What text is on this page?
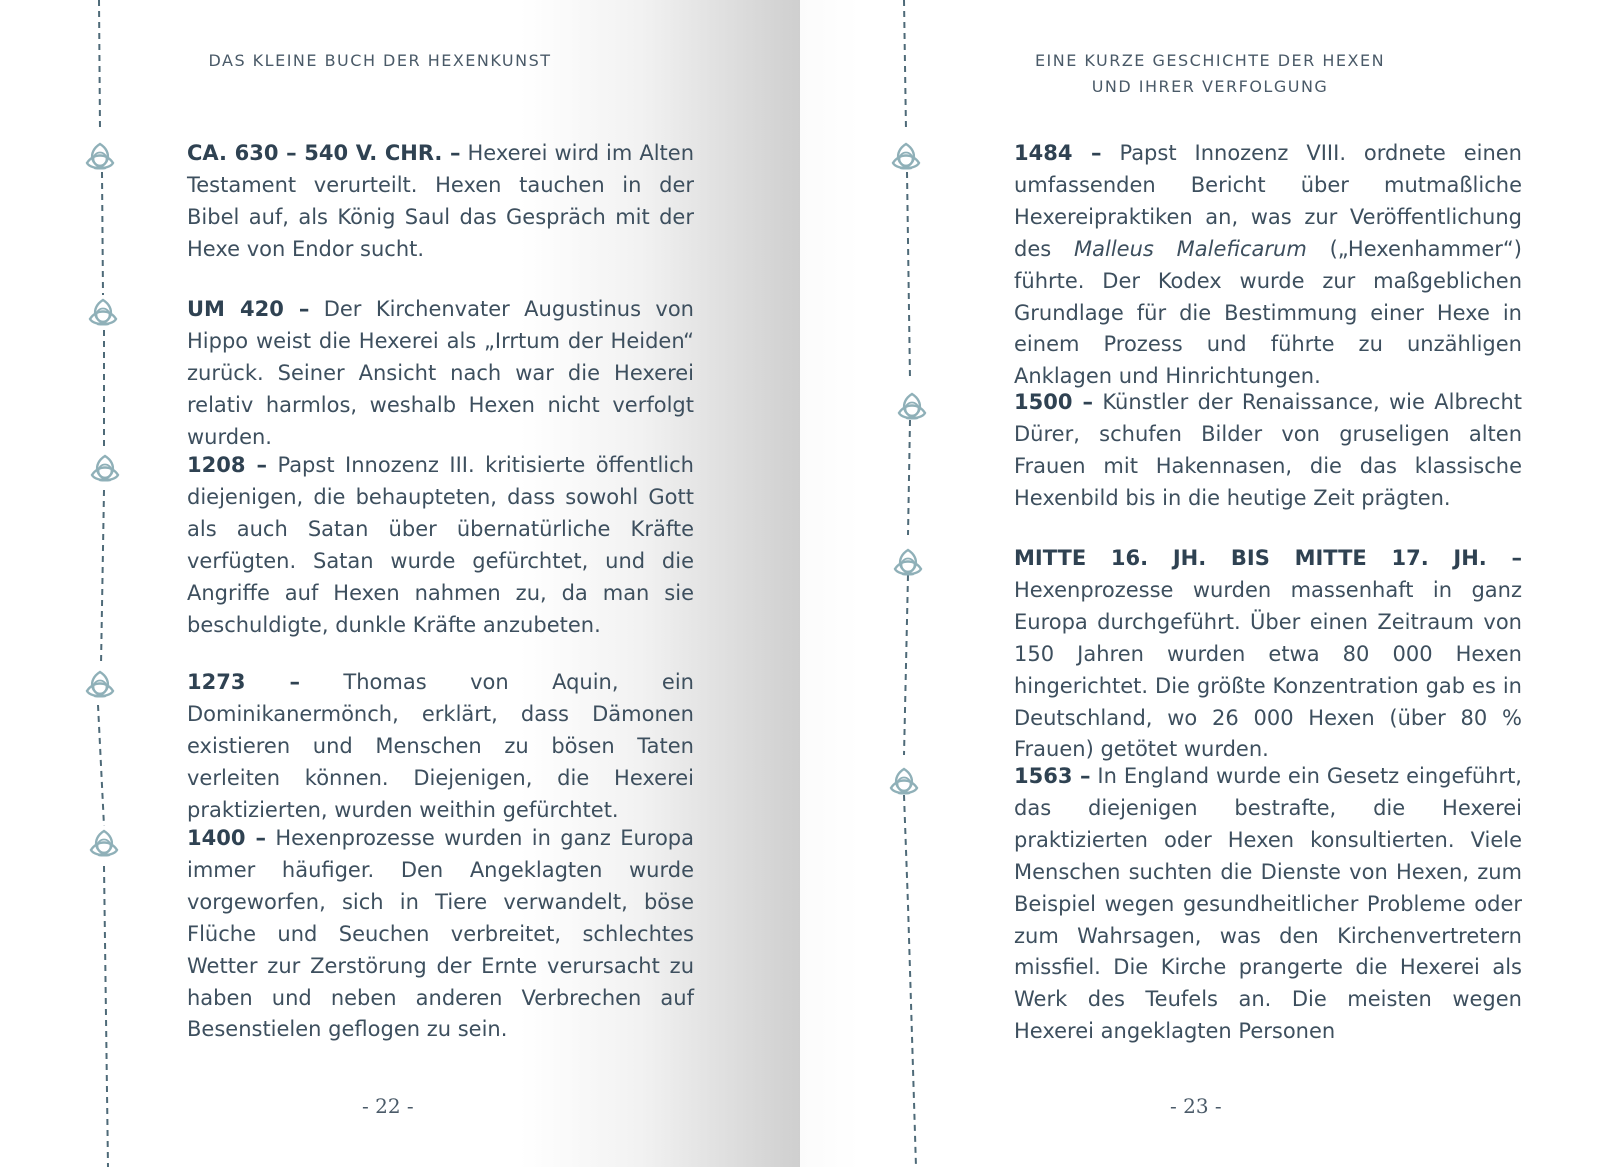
DAS KLEINE BUCH DER HEXENKUNST

CA. 630 – 540 V. CHR. – Hexerei wird im Alten Testament verurteilt. Hexen tauchen in der Bibel auf, als König Saul das Gespräch mit der Hexe von Endor sucht.

UM 420 – Der Kirchenvater Augustinus von Hippo weist die Hexerei als „Irrtum der Heiden“ zurück. Seiner Ansicht nach war die Hexerei relativ harmlos, weshalb Hexen nicht verfolgt wurden.

1208 – Papst Innozenz III. kritisierte öffentlich diejenigen, die behaupteten, dass sowohl Gott als auch Satan über übernatürliche Kräfte verfügten. Satan wurde gefürchtet, und die Angriffe auf Hexen nahmen zu, da man sie beschuldigte, dunkle Kräfte anzubeten.

1273 – Thomas von Aquin, ein Dominikanermönch, erklärt, dass Dämonen existieren und Menschen zu bösen Taten verleiten können. Diejenigen, die Hexerei praktizierten, wurden weithin gefürchtet.

1400 – Hexenprozesse wurden in ganz Europa immer häufiger. Den Angeklagten wurde vorgeworfen, sich in Tiere verwandelt, böse Flüche und Seuchen verbreitet, schlechtes Wetter zur Zerstörung der Ernte verursacht zu haben und neben anderen Verbrechen auf Besenstielen geflogen zu sein.

- 22 -

EINE KURZE GESCHICHTE DER HEXEN
UND IHRER VERFOLGUNG

1484 – Papst Innozenz VIII. ordnete einen umfassenden Bericht über mutmaßliche Hexereipraktiken an, was zur Veröffentlichung des Malleus Maleficarum („Hexenhammer“) führte. Der Kodex wurde zur maßgeblichen Grundlage für die Bestimmung einer Hexe in einem Prozess und führte zu unzähligen Anklagen und Hinrichtungen.

1500 – Künstler der Renaissance, wie Albrecht Dürer, schufen Bilder von gruseligen alten Frauen mit Hakennasen, die das klassische Hexenbild bis in die heutige Zeit prägten.

MITTE 16. JH. BIS MITTE 17. JH. – Hexenprozesse wurden massenhaft in ganz Europa durchgeführt. Über einen Zeitraum von 150 Jahren wurden etwa 80 000 Hexen hingerichtet. Die größte Konzentration gab es in Deutschland, wo 26 000 Hexen (über 80 % Frauen) getötet wurden.

1563 – In England wurde ein Gesetz eingeführt, das diejenigen bestrafte, die Hexerei praktizierten oder Hexen konsultierten. Viele Menschen suchten die Dienste von Hexen, zum Beispiel wegen gesundheitlicher Probleme oder zum Wahrsagen, was den Kirchenvertretern missfiel. Die Kirche prangerte die Hexerei als Werk des Teufels an. Die meisten wegen Hexerei angeklagten Personen

- 23 -
